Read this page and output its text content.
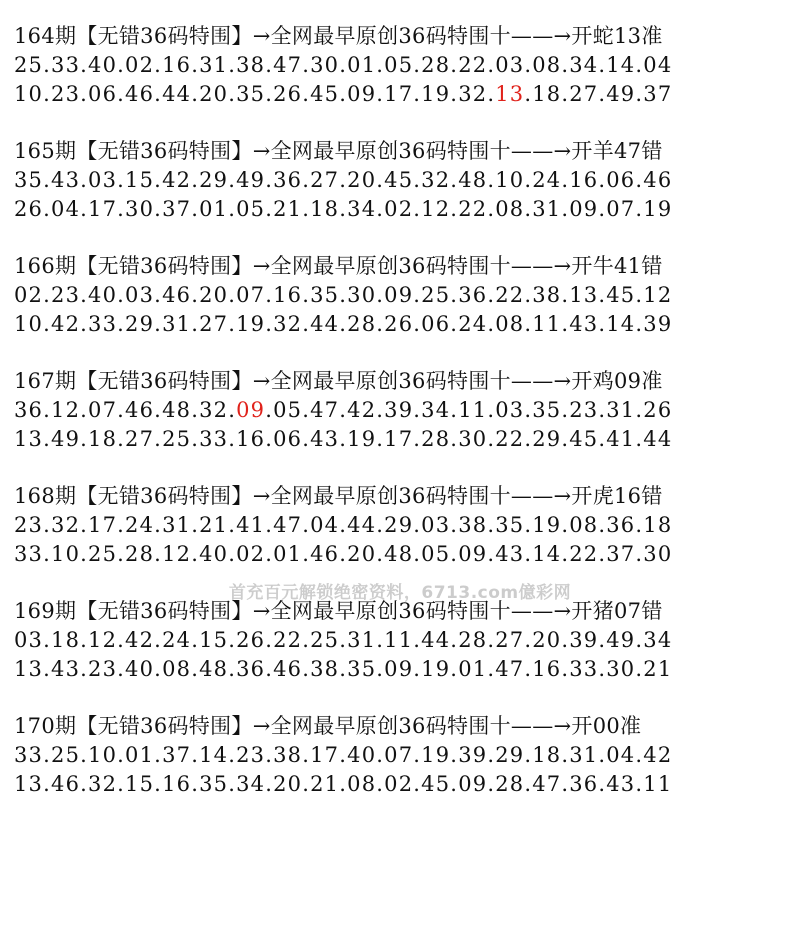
164期【无错36码特围】→全网最早原创36码特围十——→开蛇13准
25.33.40.02.16.31.38.47.30.01.05.28.22.03.08.34.14.04
10.23.06.46.44.20.35.26.45.09.17.19.32.13.18.27.49.37
165期【无错36码特围】→全网最早原创36码特围十——→开羊47错
35.43.03.15.42.29.49.36.27.20.45.32.48.10.24.16.06.46
26.04.17.30.37.01.05.21.18.34.02.12.22.08.31.09.07.19
166期【无错36码特围】→全网最早原创36码特围十——→开牛41错
02.23.40.03.46.20.07.16.35.30.09.25.36.22.38.13.45.12
10.42.33.29.31.27.19.32.44.28.26.06.24.08.11.43.14.39
167期【无错36码特围】→全网最早原创36码特围十——→开鸡09准
36.12.07.46.48.32.09.05.47.42.39.34.11.03.35.23.31.26
13.49.18.27.25.33.16.06.43.19.17.28.30.22.29.45.41.44
168期【无错36码特围】→全网最早原创36码特围十——→开虎16错
23.32.17.24.31.21.41.47.04.44.29.03.38.35.19.08.36.18
33.10.25.28.12.40.02.01.46.20.48.05.09.43.14.22.37.30
169期【无错36码特围】→全网最早原创36码特围十——→开猪07错
03.18.12.42.24.15.26.22.25.31.11.44.28.27.20.39.49.34
13.43.23.40.08.48.36.46.38.35.09.19.01.47.16.33.30.21
170期【无错36码特围】→全网最早原创36码特围十——→开00准
33.25.10.01.37.14.23.38.17.40.07.19.39.29.18.31.04.42
13.46.32.15.16.35.34.20.21.08.02.45.09.28.47.36.43.11
首充百元解锁绝密资料，6713.com億彩网
